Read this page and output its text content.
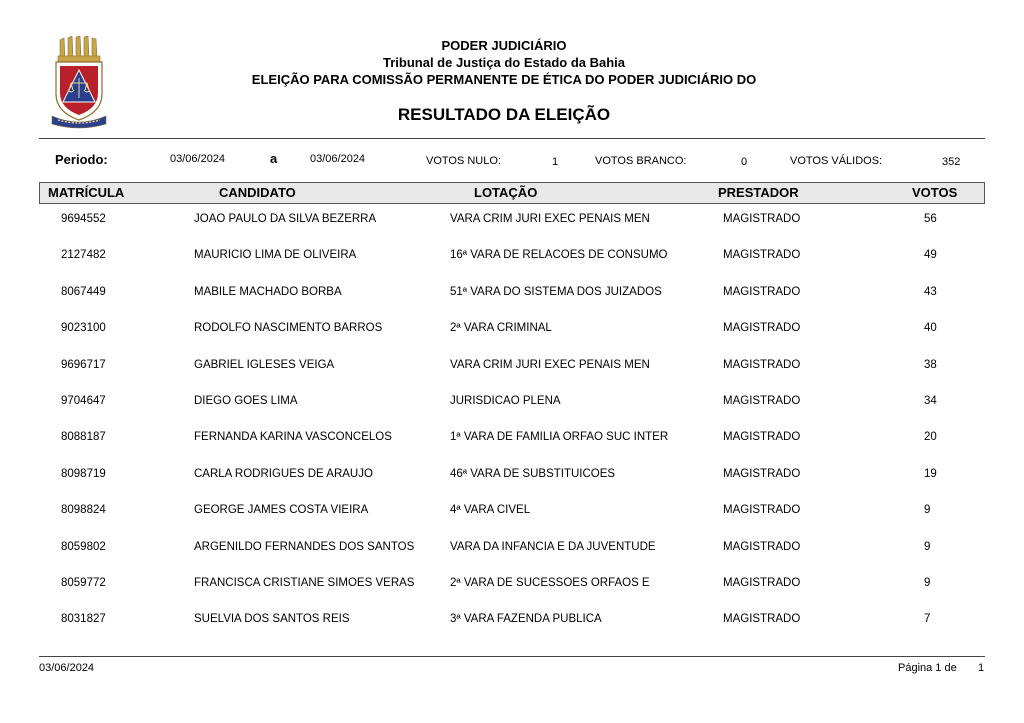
PODER JUDICIÁRIO
Tribunal de Justiça do Estado da Bahia
ELEIÇÃO PARA COMISSÃO PERMANENTE DE ÉTICA DO PODER JUDICIÁRIO DO
RESULTADO DA ELEIÇÃO
Periodo:	03/06/2024	a	03/06/2024	VOTOS NULO:	1	VOTOS BRANCO:	0	VOTOS VÁLIDOS:	352
MATRÍCULA	CANDIDATO	LOTAÇÃO	PRESTADOR	VOTOS
9694552	JOAO PAULO DA SILVA BEZERRA	VARA CRIM JURI EXEC PENAIS MEN	MAGISTRADO	56
2127482	MAURICIO LIMA DE OLIVEIRA	16ª VARA DE RELACOES DE CONSUMO	MAGISTRADO	49
8067449	MABILE MACHADO BORBA	51ª VARA DO SISTEMA DOS JUIZADOS	MAGISTRADO	43
9023100	RODOLFO NASCIMENTO BARROS	2ª VARA CRIMINAL	MAGISTRADO	40
9696717	GABRIEL IGLESES VEIGA	VARA CRIM JURI EXEC PENAIS MEN	MAGISTRADO	38
9704647	DIEGO GOES LIMA	JURISDICAO PLENA	MAGISTRADO	34
8088187	FERNANDA KARINA VASCONCELOS	1ª VARA DE FAMILIA ORFAO SUC INTER	MAGISTRADO	20
8098719	CARLA RODRIGUES DE ARAUJO	46ª VARA DE SUBSTITUICOES	MAGISTRADO	19
8098824	GEORGE JAMES COSTA VIEIRA	4ª VARA CIVEL	MAGISTRADO	9
8059802	ARGENILDO FERNANDES DOS SANTOS	VARA DA INFANCIA E DA JUVENTUDE	MAGISTRADO	9
8059772	FRANCISCA CRISTIANE SIMOES VERAS	2ª VARA DE SUCESSOES ORFAOS E	MAGISTRADO	9
8031827	SUELVIA DOS SANTOS REIS	3ª VARA FAZENDA PUBLICA	MAGISTRADO	7
03/06/2024	Página 1 de 1
